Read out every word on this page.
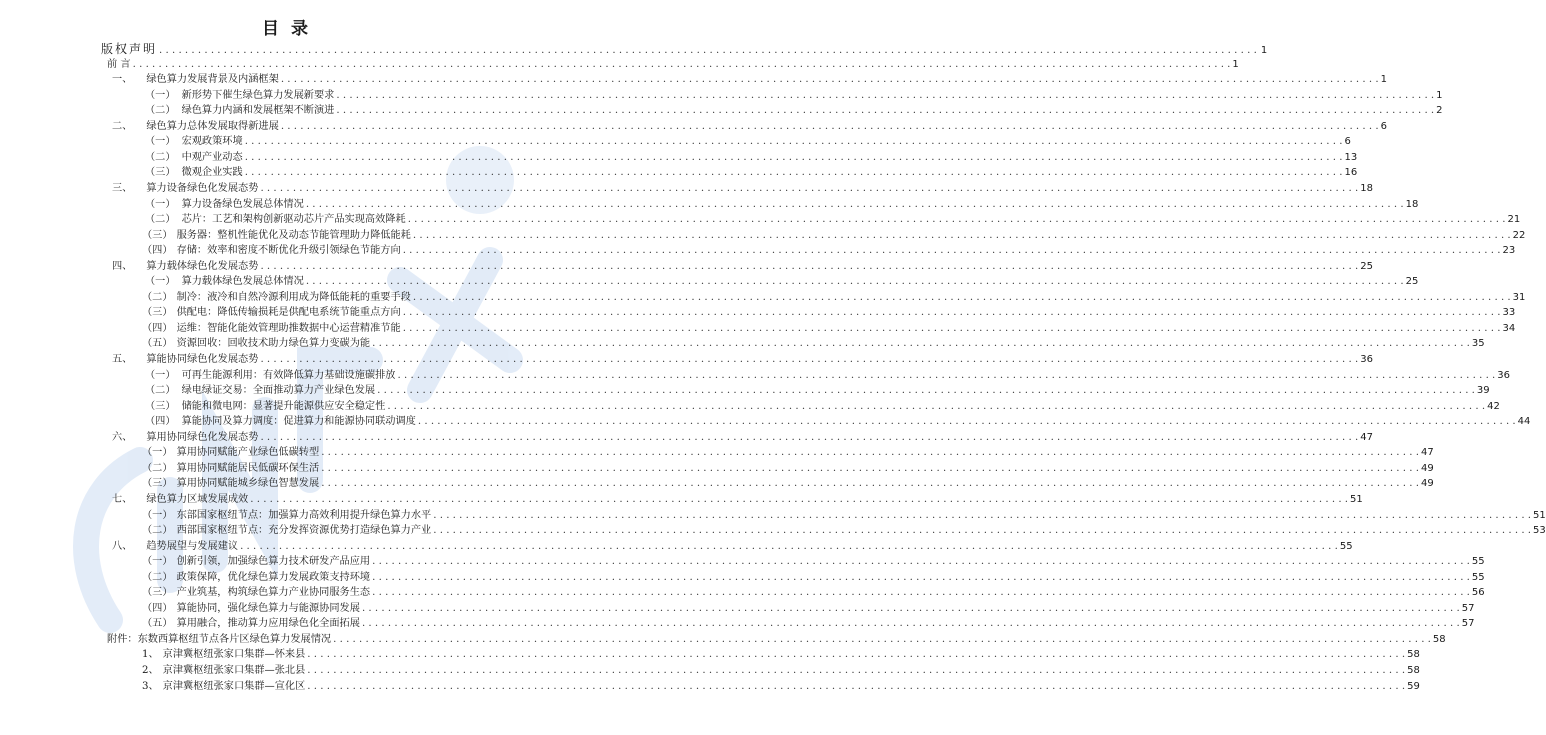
目 录
版权声明 . . .	1
前 言 . . .	1
一、 绿色算力发展背景及内涵框架 . . .	1
（一） 新形势下催生绿色算力发展新要求 . . .	1
（二） 绿色算力内涵和发展框架不断演进 . . .	2
二、 绿色算力总体发展取得新进展 . . .	6
（一） 宏观政策环境 . . .	6
（二） 中观产业动态 . . .	13
（三） 微观企业实践 . . .	16
三、 算力设备绿色化发展态势 . . .	18
（一） 算力设备绿色发展总体情况 . . .	18
（二） 芯片：工艺和架构创新驱动芯片产品实现高效降耗 . . .	21
（三） 服务器：整机性能优化及动态节能管理助力降低能耗 . . .	22
（四） 存储：效率和密度不断优化升级引领绿色节能方向 . . .	23
四、 算力载体绿色化发展态势 . . .	25
（一） 算力载体绿色发展总体情况 . . .	25
（二） 制冷：液冷和自然冷源利用成为降低能耗的重要手段 . . .	31
（三） 供配电：降低传输损耗是供配电系统节能重点方向 . . .	33
（四） 运维：智能化能效管理助推数据中心运营精准节能 . . .	34
（五） 资源回收：回收技术助力绿色算力变碳为能 . . .	35
五、 算能协同绿色化发展态势 . . .	36
（一） 可再生能源利用：有效降低算力基础设施碳排放 . . .	36
（二） 绿电绿证交易：全面推动算力产业绿色发展 . . .	39
（三） 储能和微电网：显著提升能源供应安全稳定性 . . .	42
（四） 算能协同及算力调度：促进算力和能源协同联动调度 . . .	44
六、 算用协同绿色化发展态势 . . .	47
（一） 算用协同赋能产业绿色低碳转型 . . .	47
（二） 算用协同赋能居民低碳环保生活 . . .	49
（三） 算用协同赋能城乡绿色智慧发展 . . .	49
七、 绿色算力区域发展成效 . . .	51
（一） 东部国家枢纽节点：加强算力高效利用提升绿色算力水平 . . .	51
（二） 西部国家枢纽节点：充分发挥资源优势打造绿色算力产业 . . .	53
八、 趋势展望与发展建议 . . .	55
（一） 创新引领，加强绿色算力技术研发产品应用 . . .	55
（二） 政策保障，优化绿色算力发展政策支持环境 . . .	55
（三） 产业筑基，构筑绿色算力产业协同服务生态 . . .	56
（四） 算能协同，强化绿色算力与能源协同发展 . . .	57
（五） 算用融合，推动算力应用绿色化全面拓展 . . .	57
附件： 东数西算枢纽节点各片区绿色算力发展情况 . . .	58
1、 京津冀枢纽张家口集群—怀来县 . . .	58
2、 京津冀枢纽张家口集群—张北县 . . .	58
3、 京津冀枢纽张家口集群—宣化区 . . .	59
